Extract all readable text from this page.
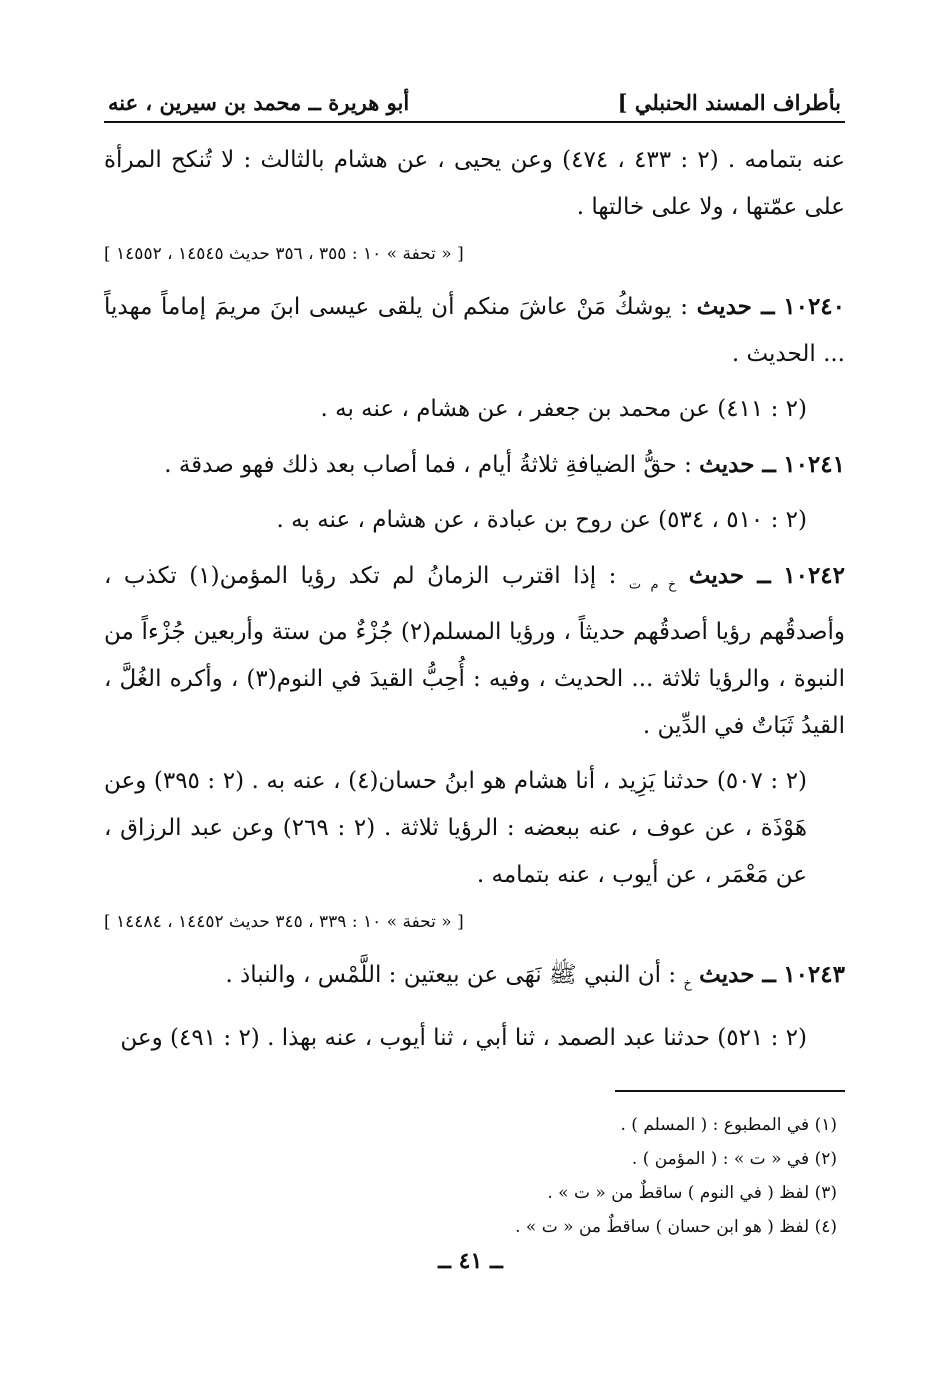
بأطراف المسند الحنبلي ]
أبو هريرة ــ محمد بن سيرين ، عنه

عنه بتمامه . (٢ : ٤٣٣ ، ٤٧٤) وعن يحيى ، عن هشام بالثالث : لا تُنكح المرأة على عمّتها ، ولا على خالتها .

[ « تحفة » ١٠ : ٣٥٥ ، ٣٥٦ حديث ١٤٥٤٥ ، ١٤٥٥٢ ]

١٠٢٤٠ ــ حديث : يوشكُ مَنْ عاشَ منكم أن يلقى عيسى ابنَ مريمَ إماماً مهدياً ... الحديث .

(٢ : ٤١١) عن محمد بن جعفر ، عن هشام ، عنه به .

١٠٢٤١ ــ حديث : حقُّ الضيافةِ ثلاثةُ أيام ، فما أصاب بعد ذلك فهو صدقة .

(٢ : ٥١٠ ، ٥٣٤) عن روح بن عبادة ، عن هشام ، عنه به .

١٠٢٤٢ ــ حديث $_{خ م ت}$ : إذا اقترب الزمانُ لم تكد رؤيا المؤمن(١) تكذب ، وأصدقُهم رؤيا أصدقُهم حديثاً ، ورؤيا المسلم(٢) جُزْءٌ من ستة وأربعين جُزْءاً من النبوة ، والرؤيا ثلاثة ... الحديث ، وفيه : أُحِبُّ القيدَ في النوم(٣) ، وأكره الغُلَّ ، القيدُ ثَبَاتٌ في الدِّين .

(٢ : ٥٠٧) حدثنا يَزِيد ، أنا هشام هو ابنُ حسان(٤) ، عنه به . (٢ : ٣٩٥) وعن هَوْذَة ، عن عوف ، عنه ببعضه : الرؤيا ثلاثة . (٢ : ٢٦٩) وعن عبد الرزاق ، عن مَعْمَر ، عن أيوب ، عنه بتمامه .

[ « تحفة » ١٠ : ٣٣٩ ، ٣٤٥ حديث ١٤٤٥٢ ، ١٤٤٨٤ ]

١٠٢٤٣ ــ حديث $_خ$ : أن النبي ﷺ نَهَى عن بيعتين : اللَّمْس ، والنباذ .

(٢ : ٥٢١) حدثنا عبد الصمد ، ثنا أبي ، ثنا أيوب ، عنه بهذا . (٢ : ٤٩١) وعن

(١) في المطبوع : ( المسلم ) .
(٢) في « ت » : ( المؤمن ) .
(٣) لفظ ( في النوم ) ساقطٌ من « ت » .
(٤) لفظ ( هو ابن حسان ) ساقطٌ من « ت » .
ــ ٤١ ــ
